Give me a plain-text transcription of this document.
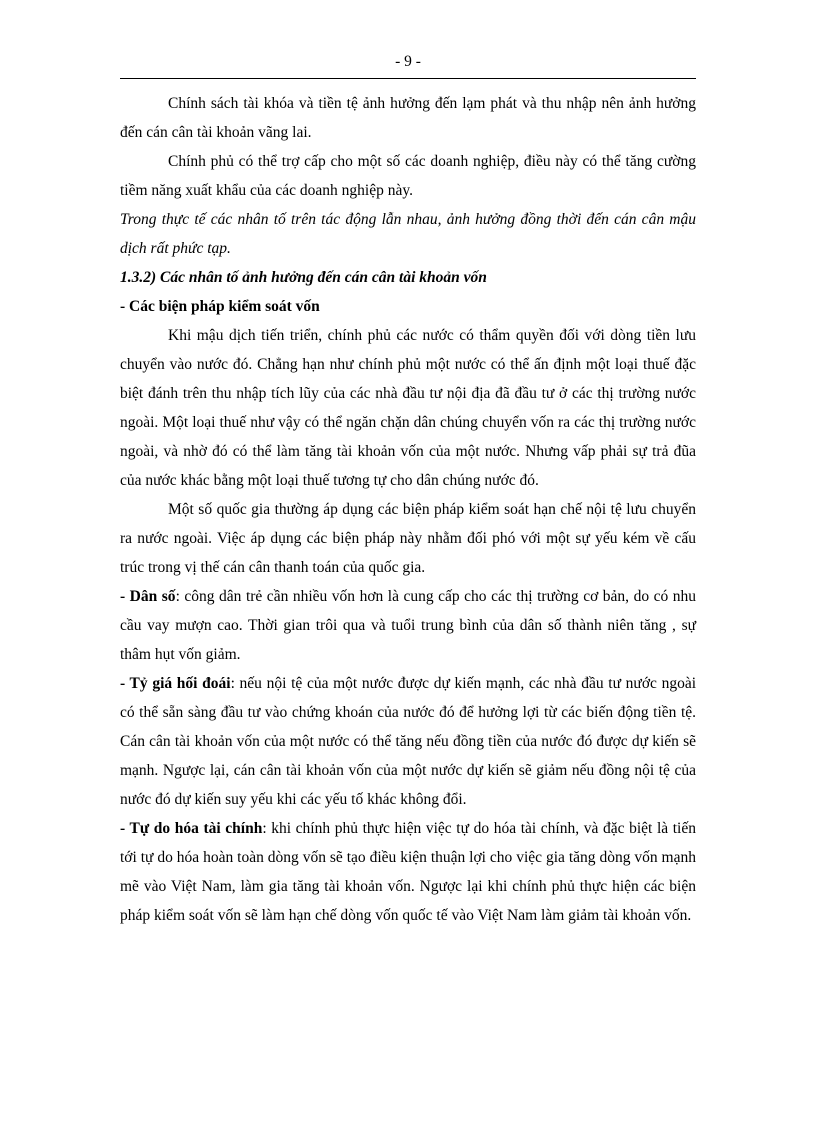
- 9 -

Chính sách tài khóa và tiền tệ ảnh hưởng đến lạm phát và thu nhập nên ảnh hưởng đến cán cân tài khoản vãng lai.

Chính phủ có thể trợ cấp cho một số các doanh nghiệp, điều này có thể tăng cường tiềm năng xuất khẩu của các doanh nghiệp này.

Trong thực tế các nhân tố trên tác động lẫn nhau, ảnh hưởng đồng thời đến cán cân mậu dịch rất phức tạp.

1.3.2) Các nhân tố ảnh hưởng đến cán cân tài khoản vốn

- Các biện pháp kiểm soát vốn

Khi mậu dịch tiến triển, chính phủ các nước có thẩm quyền đối với dòng tiền lưu chuyển vào nước đó. Chẳng hạn như chính phủ một nước có thể ấn định một loại thuế đặc biệt đánh trên thu nhập tích lũy của các nhà đầu tư nội địa đã đầu tư ở các thị trường nước ngoài. Một loại thuế như vậy có thể ngăn chặn dân chúng chuyển vốn ra các thị trường nước ngoài, và nhờ đó có thể làm tăng tài khoản vốn của một nước. Nhưng vấp phải sự trả đũa của nước khác bằng một loại thuế tương tự cho dân chúng nước đó.

Một số quốc gia thường áp dụng các biện pháp kiểm soát hạn chế nội tệ lưu chuyển ra nước ngoài. Việc áp dụng các biện pháp này nhằm đối phó với một sự yếu kém về cấu trúc trong vị thế cán cân thanh toán của quốc gia.

- Dân số: công dân trẻ cần nhiều vốn hơn là cung cấp cho các thị trường cơ bản, do có nhu cầu vay mượn cao. Thời gian trôi qua và tuổi trung bình của dân số thành niên tăng , sự thâm hụt vốn giảm.

- Tỷ giá hối đoái: nếu nội tệ của một nước được dự kiến mạnh, các nhà đầu tư nước ngoài có thể sẵn sàng đầu tư vào chứng khoán của nước đó để hưởng lợi từ các biến động tiền tệ. Cán cân tài khoản vốn của một nước có thể tăng nếu đồng tiền của nước đó được dự kiến sẽ mạnh. Ngược lại, cán cân tài khoản vốn của một nước dự kiến sẽ giảm nếu đồng nội tệ của nước đó dự kiến suy yếu khi các yếu tố khác không đổi.

- Tự do hóa tài chính: khi chính phủ thực hiện việc tự do hóa tài chính, và đặc biệt là tiến tới tự do hóa hoàn toàn dòng vốn sẽ tạo điều kiện thuận lợi cho việc gia tăng dòng vốn mạnh mẽ vào Việt Nam, làm gia tăng tài khoản vốn. Ngược lại khi chính phủ thực hiện các biện pháp kiểm soát vốn sẽ làm hạn chế dòng vốn quốc tế vào Việt Nam làm giảm tài khoản vốn.
